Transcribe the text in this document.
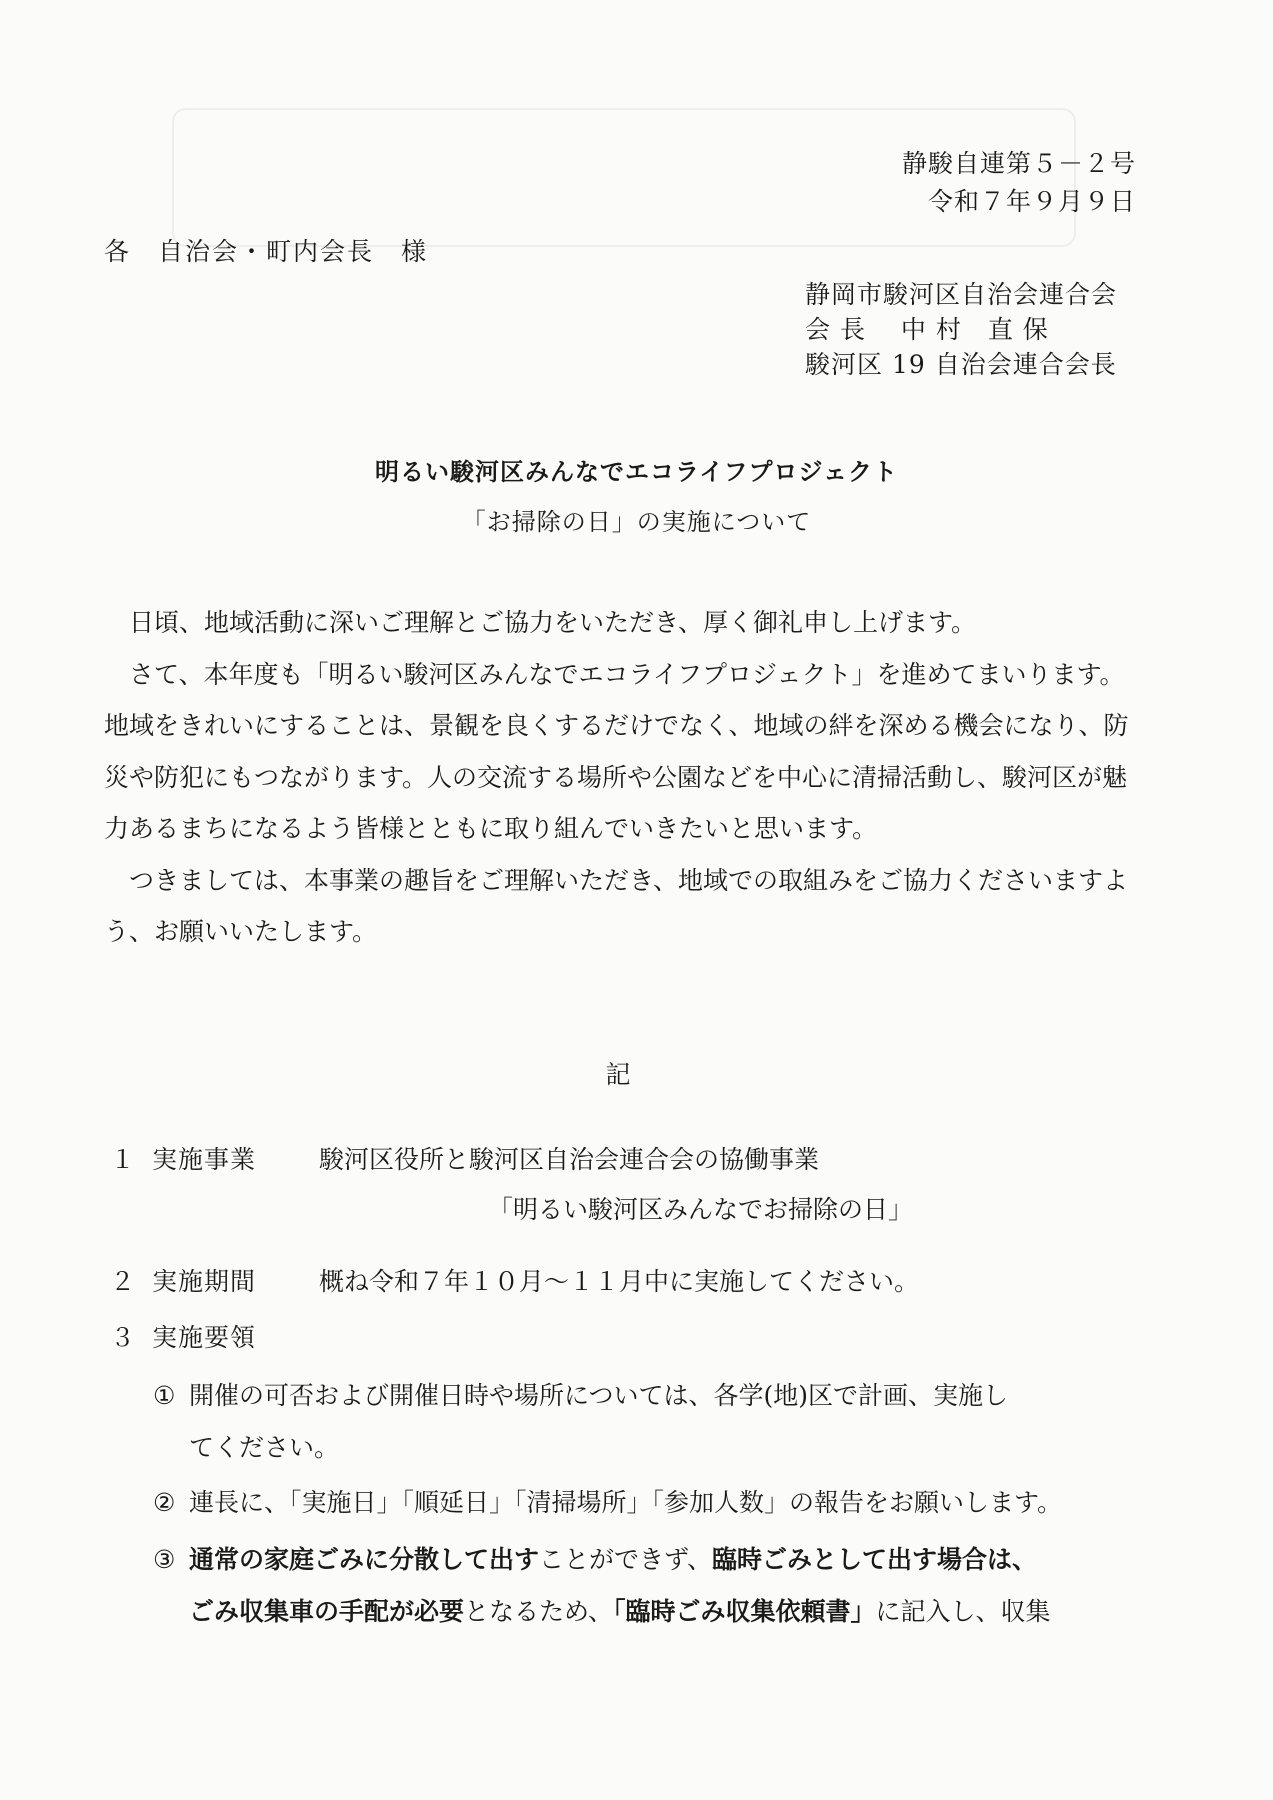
静駿自連第５－２号
令和７年９月９日
各　自治会・町内会長　様
静岡市駿河区自治会連合会
会 長　 中 村　直 保
駿河区 19 自治会連合会長
明るい駿河区みんなでエコライフプロジェクト
「お掃除の日」の実施について

日頃、地域活動に深いご理解とご協力をいただき、厚く御礼申し上げます。

さて、本年度も「明るい駿河区みんなでエコライフプロジェクト」を進めてまいります。地域をきれいにすることは、景観を良くするだけでなく、地域の絆を深める機会になり、防災や防犯にもつながります。人の交流する場所や公園などを中心に清掃活動し、駿河区が魅力あるまちになるよう皆様とともに取り組んでいきたいと思います。

つきましては、本事業の趣旨をご理解いただき、地域での取組みをご協力くださいますよう、お願いいたします。

記
１ 実施事業	駿河区役所と駿河区自治会連合会の協働事業
「明るい駿河区みんなでお掃除の日」
２ 実施期間	概ね令和７年１０月～１１月中に実施してください。
３ 実施要領
① 開催の可否および開催日時や場所については、各学(地)区で計画、実施し
てください。
② 連長に、「実施日」「順延日」「清掃場所」「参加人数」の報告をお願いします。
③ 通常の家庭ごみに分散して出すことができず、臨時ごみとして出す場合は、
ごみ収集車の手配が必要となるため、「臨時ごみ収集依頼書」に記入し、収集
